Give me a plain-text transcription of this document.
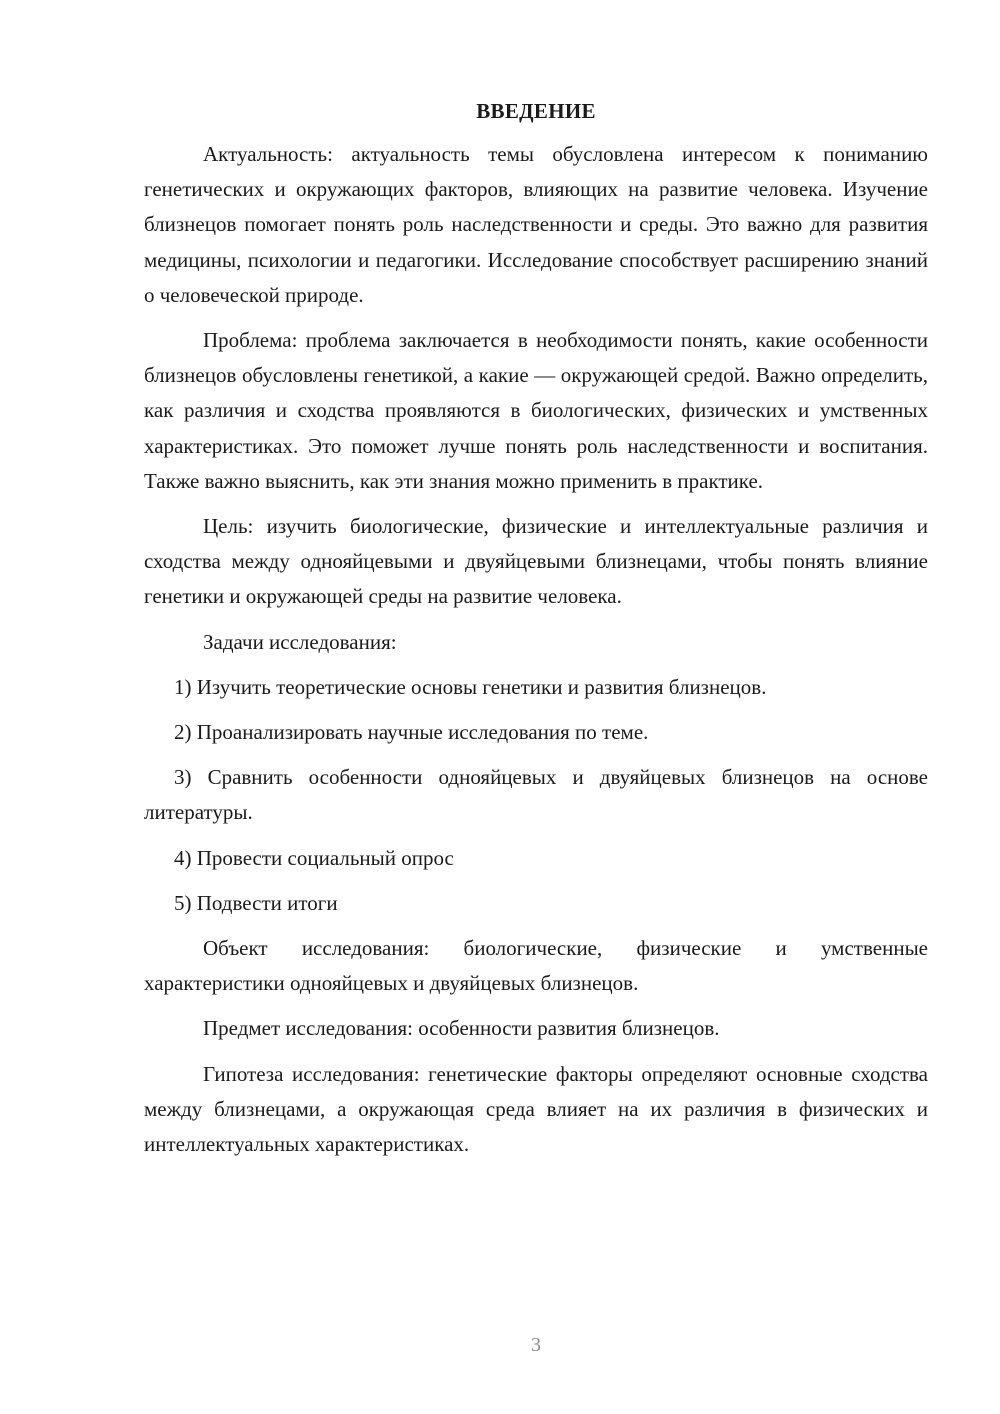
ВВЕДЕНИЕ

Актуальность: актуальность темы обусловлена интересом к пониманию генетических и окружающих факторов, влияющих на развитие человека. Изучение близнецов помогает понять роль наследственности и среды. Это важно для развития медицины, психологии и педагогики. Исследование способствует расширению знаний о человеческой природе.

Проблема: проблема заключается в необходимости понять, какие особенности близнецов обусловлены генетикой, а какие — окружающей средой. Важно определить, как различия и сходства проявляются в биологических, физических и умственных характеристиках. Это поможет лучше понять роль наследственности и воспитания. Также важно выяснить, как эти знания можно применить в практике.

Цель: изучить биологические, физические и интеллектуальные различия и сходства между однояйцевыми и двуяйцевыми близнецами, чтобы понять влияние генетики и окружающей среды на развитие человека.

Задачи исследования:

1) Изучить теоретические основы генетики и развития близнецов.

2) Проанализировать научные исследования по теме.

3) Сравнить особенности однояйцевых и двуяйцевых близнецов на основе литературы.

4) Провести социальный опрос

5) Подвести итоги

Объект исследования: биологические, физические и умственные характеристики однояйцевых и двуяйцевых близнецов.

Предмет исследования: особенности развития близнецов.

Гипотеза исследования: генетические факторы определяют основные сходства между близнецами, а окружающая среда влияет на их различия в физических и интеллектуальных характеристиках.

3
